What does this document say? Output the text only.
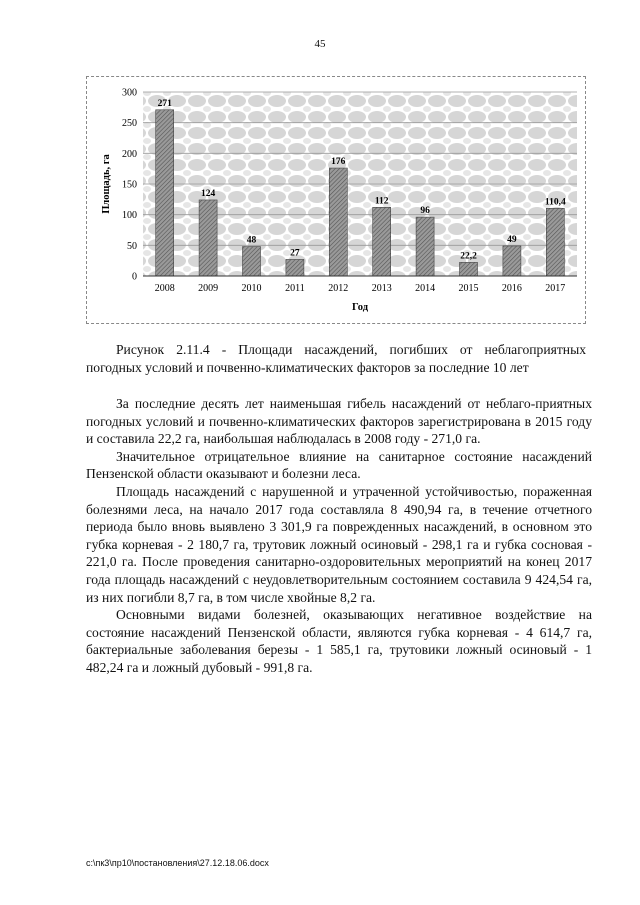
45
271
124
48
27
176
112
96
22,2
49
110,4
0
50
100
150
200
250
300
2008 2009 2010 2011 2012 2013 2014 2015 2016 2017
Площадь, га
Год
Рисунок 2.11.4 - Площади насаждений, погибших от неблагоприятных
погодных условий и почвенно-климатических факторов за последние 10 лет

За последние десять лет наименьшая гибель насаждений от неблаго-приятных погодных условий и почвенно-климатических факторов зарегистрирована в 2015 году и составила 22,2 га, наибольшая наблюдалась в 2008 году - 271,0 га.

Значительное отрицательное влияние на санитарное состояние насаждений Пензенской области оказывают и болезни леса.

Площадь насаждений с нарушенной и утраченной устойчивостью, пораженная болезнями леса, на начало 2017 года составляла 8 490,94 га, в течение отчетного периода было вновь выявлено 3 301,9 га поврежденных насаждений, в основном это губка корневая - 2 180,7 га, трутовик ложный осиновый - 298,1 га и губка сосновая - 221,0 га. После проведения санитарно-оздоровительных мероприятий на конец 2017 года площадь насаждений с неудовлетворительным состоянием составила 9 424,54 га, из них погибли 8,7 га, в том числе хвойные 8,2 га.

Основными видами болезней, оказывающих негативное воздействие на состояние насаждений Пензенской области, являются губка корневая - 4 614,7 га, бактериальные заболевания березы - 1 585,1 га, трутовики ложный осиновый - 1 482,24 га и ложный дубовый - 991,8 га.

c:\пк3\пр10\постановления\27.12.18.06.docx
